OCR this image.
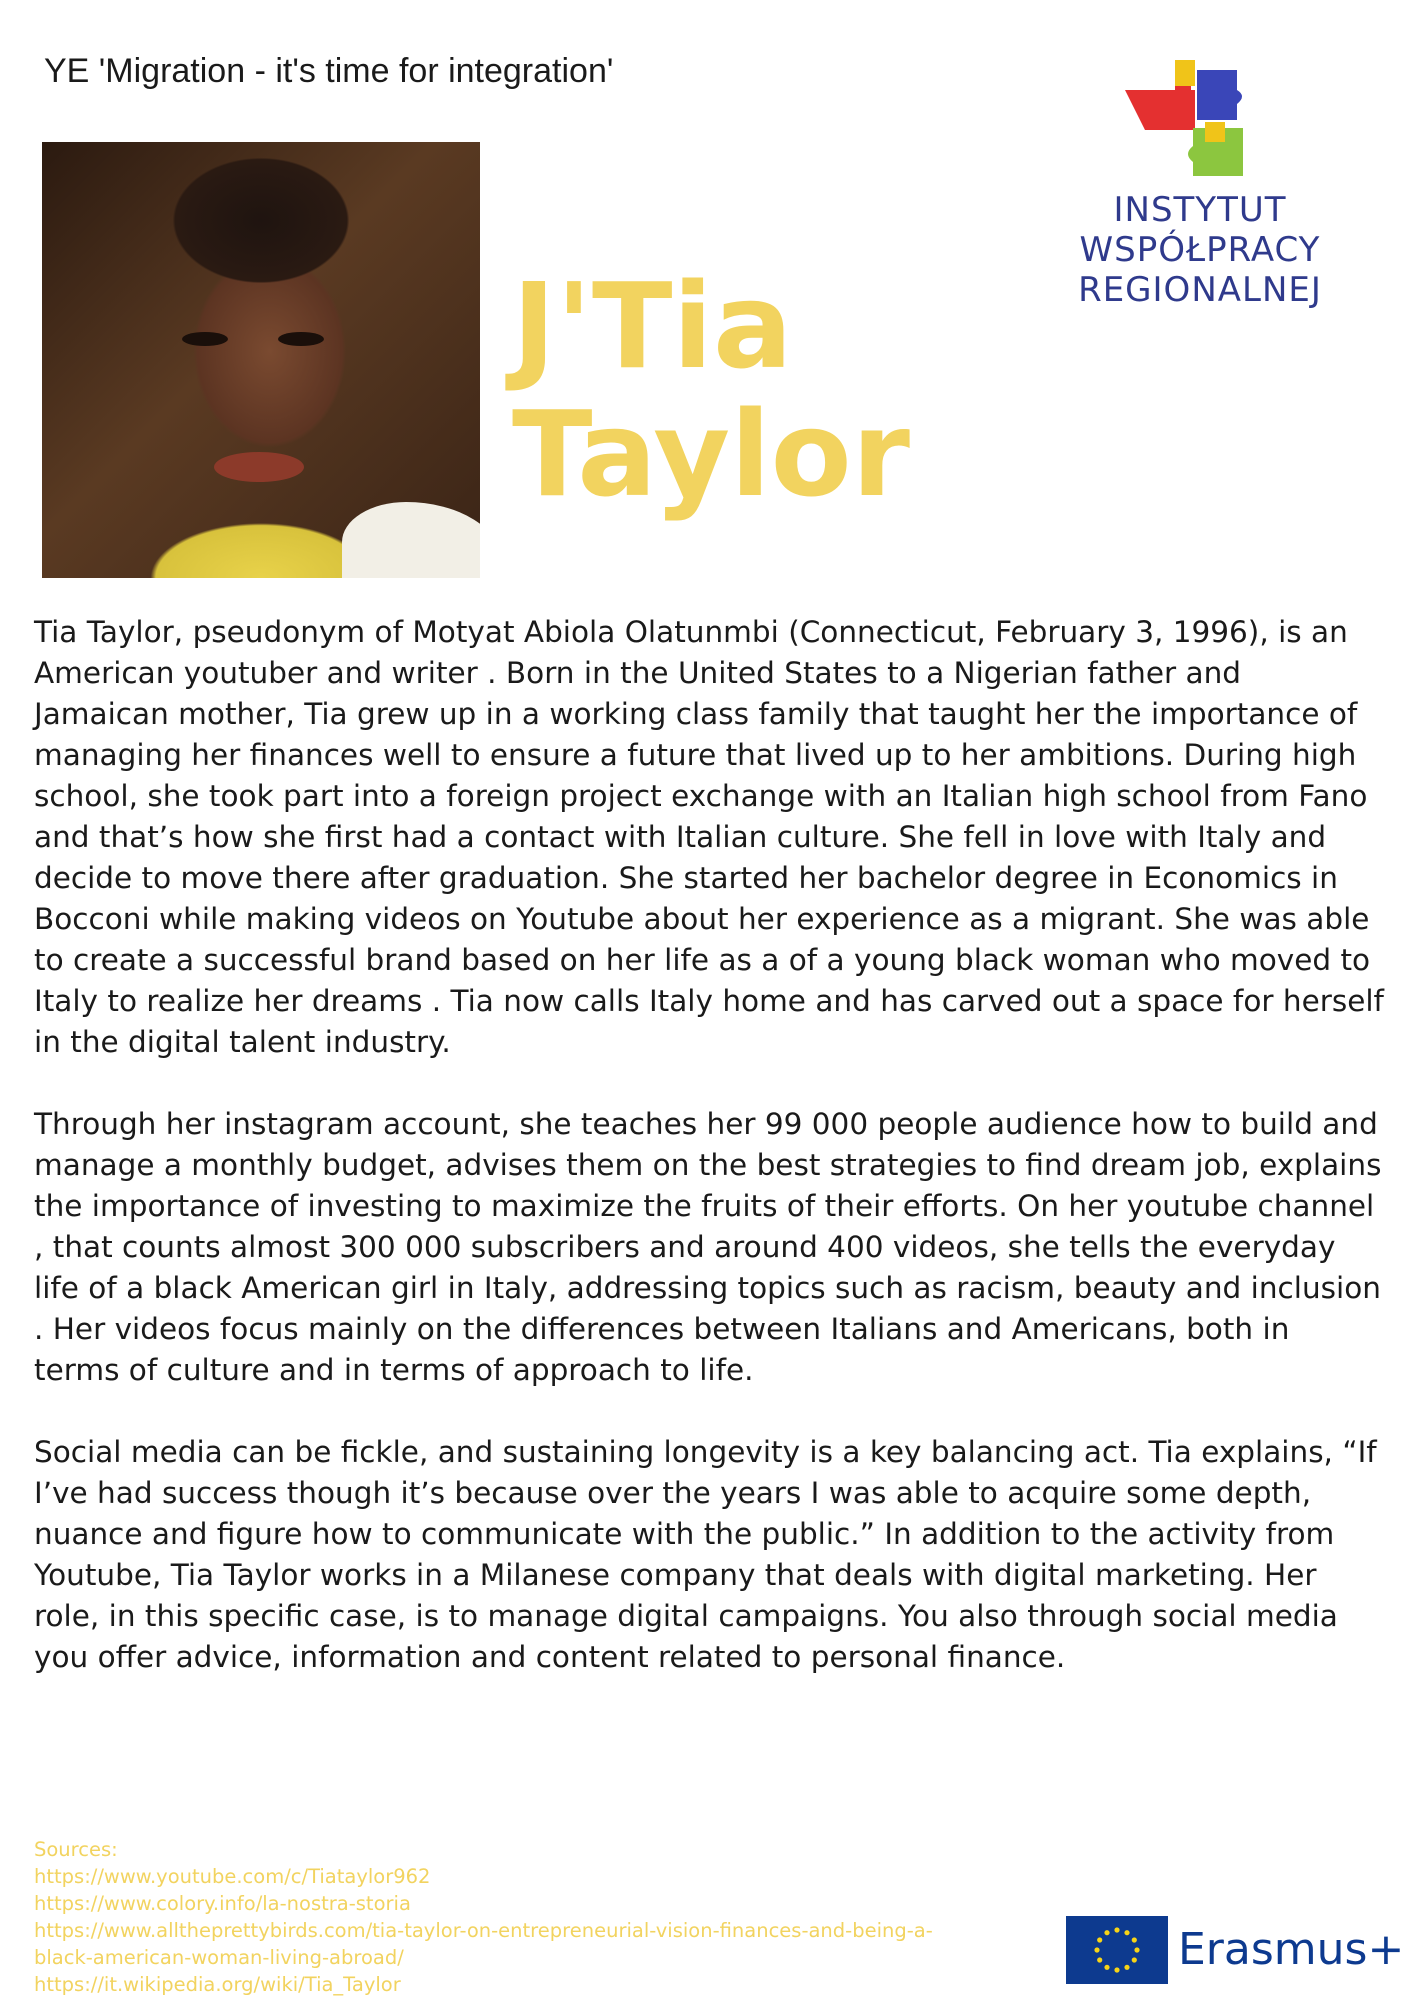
YE 'Migration - it's time for integration'
INSTYTUT WSPÓŁPRACY
REGIONALNEJ
J'Tia
Taylor

Tia Taylor, pseudonym of Motyat Abiola Olatunmbi (Connecticut, February 3, 1996), is an American youtuber and writer . Born in the United States to a Nigerian father and Jamaican mother, Tia grew up in a working class family that taught her the importance of managing her finances well to ensure a future that lived up to her ambitions. During high school, she took part into a foreign project exchange with an Italian high school from Fano and that’s how she first had a contact with Italian culture. She fell in love with Italy and decide to move there after graduation. She started her bachelor degree in Economics in Bocconi while making videos on Youtube about her experience as a migrant. She was able to create a successful brand based on her life as a of a young black woman who moved to Italy to realize her dreams . Tia now calls Italy home and has carved out a space for herself in the digital talent industry.

Through her instagram account, she teaches her 99 000 people audience how to build and manage a monthly budget, advises them on the best strategies to find dream job, explains the importance of investing to maximize the fruits of their efforts. On her youtube channel , that counts almost 300 000 subscribers and around 400 videos, she tells the everyday life of a black American girl in Italy, addressing topics such as racism, beauty and inclusion . Her videos focus mainly on the differences between Italians and Americans, both in terms of culture and in terms of approach to life.

Social media can be fickle, and sustaining longevity is a key balancing act. Tia explains, “If I’ve had success though it’s because over the years I was able to acquire some depth, nuance and figure how to communicate with the public.” In addition to the activity from Youtube, Tia Taylor works in a Milanese company that deals with digital marketing. Her role, in this specific case, is to manage digital campaigns. You also through social media you offer advice, information and content related to personal finance.

Sources:
https://www.youtube.com/c/Tiataylor962
https://www.colory.info/la-nostra-storia
https://www.alltheprettybirds.com/tia-taylor-on-entrepreneurial-vision-finances-and-being-a-
black-american-woman-living-abroad/
https://it.wikipedia.org/wiki/Tia_Taylor
Erasmus+
